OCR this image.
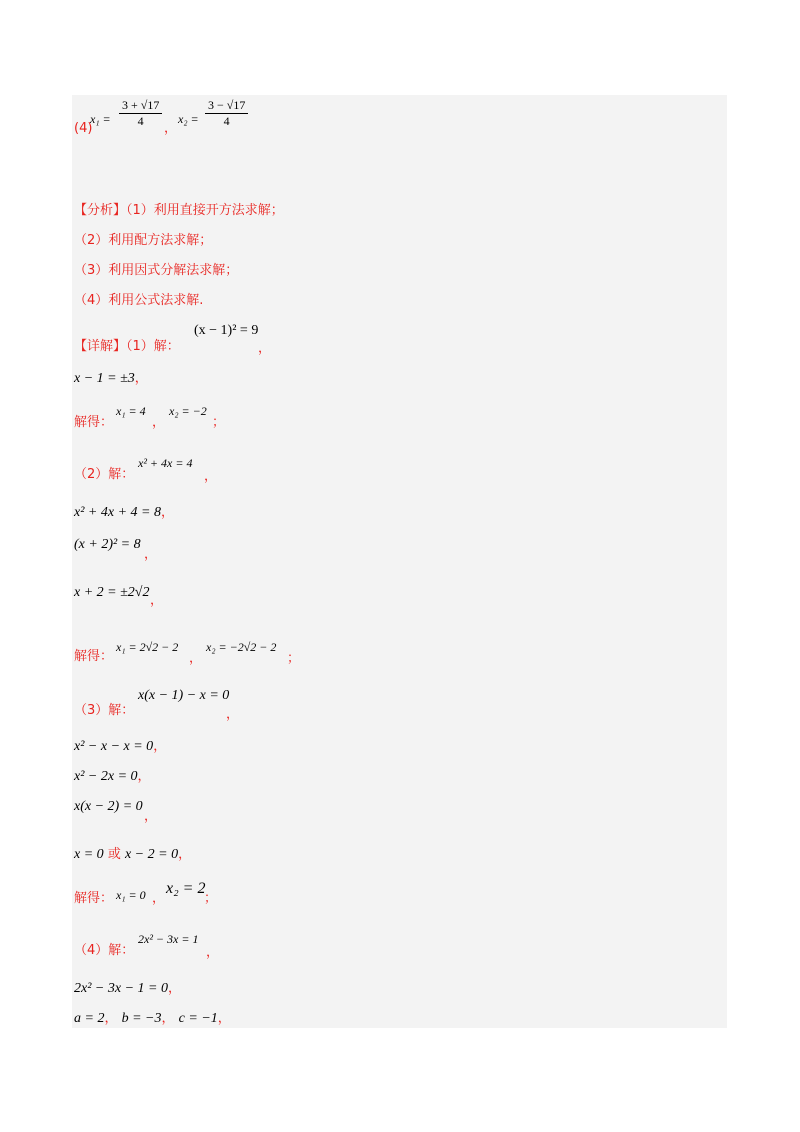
(4)
$x_1 = \frac{3 + √17}{4}$ ，
$x_2 = \frac{3 - √17}{4}$
【分析】（1）利用直接开方法求解；
（2）利用配方法求解；
（3）利用因式分解法求解；
（4）利用公式法求解.
【详解】（1）解：
(x − 1)² = 9
，
x − 1 = ±3，
解得：
x₁ = 4
，
x₂ = −2
；
（2）解：
x² + 4x = 4
，
x² + 4x + 4 = 8，
(x + 2)² = 8
，
x + 2 = ±2√2
，
解得：
x₁ = 2√2 − 2
，
x₂ = −2√2 − 2
；
（3）解：
x(x − 1) − x = 0
，
x² − x − x = 0，
x² − 2x = 0，
x(x − 2) = 0
，
x = 0 或 x − 2 = 0，
解得： x₁ = 0 ，
x₂ = 2
；
（4）解：
2x² − 3x = 1
，
2x² − 3x − 1 = 0，
a = 2， b = −3， c = −1，
